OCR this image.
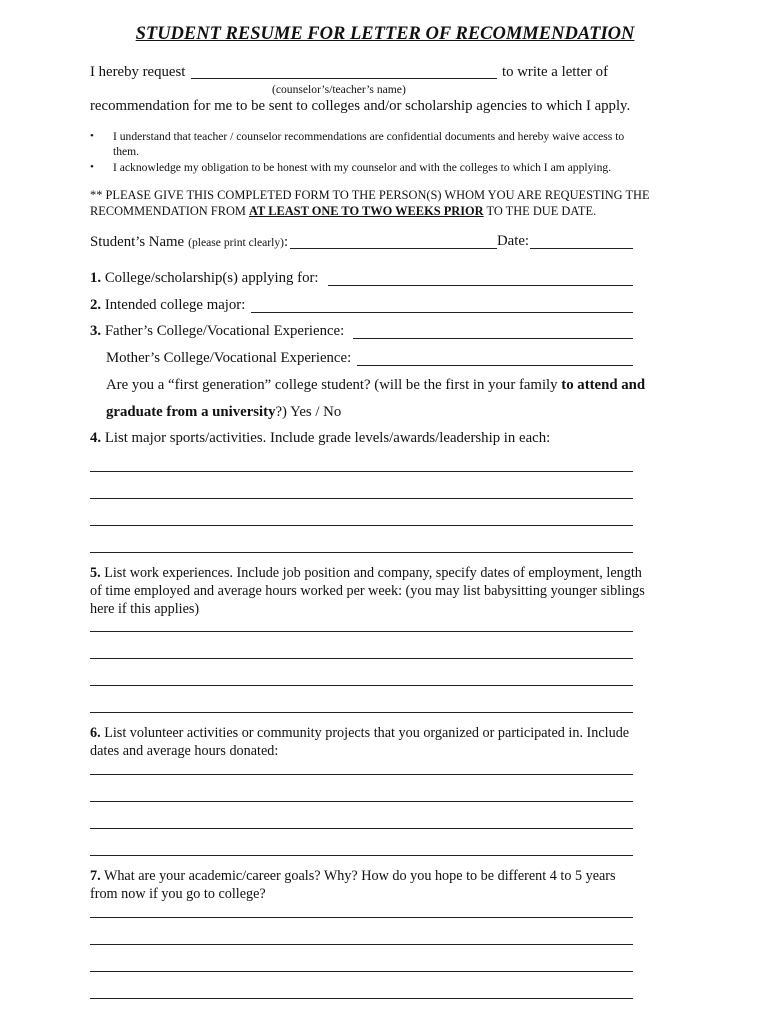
STUDENT RESUME FOR LETTER OF RECOMMENDATION
I hereby request	to write a letter of
(counselor’s/teacher’s name)
recommendation for me to be sent to colleges and/or scholarship agencies to which I apply.
• I understand that teacher / counselor recommendations are confidential documents and hereby waive access to
them.
• I acknowledge my obligation to be honest with my counselor and with the colleges to which I am applying.
** PLEASE GIVE THIS COMPLETED FORM TO THE PERSON(S) WHOM YOU ARE REQUESTING THE
RECOMMENDATION FROM AT LEAST ONE TO TWO WEEKS PRIOR TO THE DUE DATE.
Student’s Name (please print clearly):	Date:
1. College/scholarship(s) applying for:
2. Intended college major:
3. Father’s College/Vocational Experience:
Mother’s College/Vocational Experience:
Are you a “first generation” college student? (will be the first in your family to attend and
graduate from a university?) Yes / No
4. List major sports/activities. Include grade levels/awards/leadership in each:
5. List work experiences. Include job position and company, specify dates of employment, length
of time employed and average hours worked per week: (you may list babysitting younger siblings
here if this applies)
6. List volunteer activities or community projects that you organized or participated in. Include
dates and average hours donated:
7. What are your academic/career goals? Why? How do you hope to be different 4 to 5 years
from now if you go to college?
